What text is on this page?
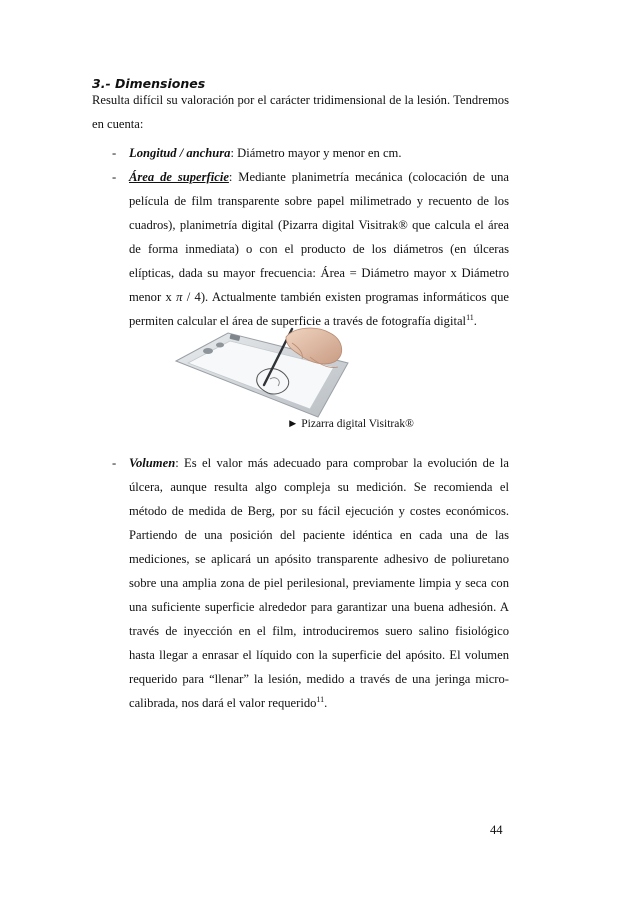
3.- Dimensiones

Resulta difícil su valoración por el carácter tridimensional de la lesión. Tendremos en cuenta:

-	Longitud / anchura: Diámetro mayor y menor en cm.
-	Área de superficie: Mediante planimetría mecánica (colocación de una película de film transparente sobre papel milimetrado y recuento de los cuadros), planimetría digital (Pizarra digital Visitrak® que calcula el área de forma inmediata) o con el producto de los diámetros (en úlceras elípticas, dada su mayor frecuencia: Área = Diámetro mayor x Diámetro menor x π / 4). Actualmente también existen programas informáticos que permiten calcular el área de superficie a través de fotografía digital$^{11}$.
► Pizarra digital Visitrak®
-	Volumen: Es el valor más adecuado para comprobar la evolución de la úlcera, aunque resulta algo compleja su medición. Se recomienda el método de medida de Berg, por su fácil ejecución y costes económicos. Partiendo de una posición del paciente idéntica en cada una de las mediciones, se aplicará un apósito transparente adhesivo de poliuretano sobre una amplia zona de piel perilesional, previamente limpia y seca con una suficiente superficie alrededor para garantizar una buena adhesión. A través de inyección en el film, introduciremos suero salino fisiológico hasta llegar a enrasar el líquido con la superficie del apósito. El volumen requerido para “llenar” la lesión, medido a través de una jeringa micro-calibrada, nos dará el valor requerido$^{11}$.
44
